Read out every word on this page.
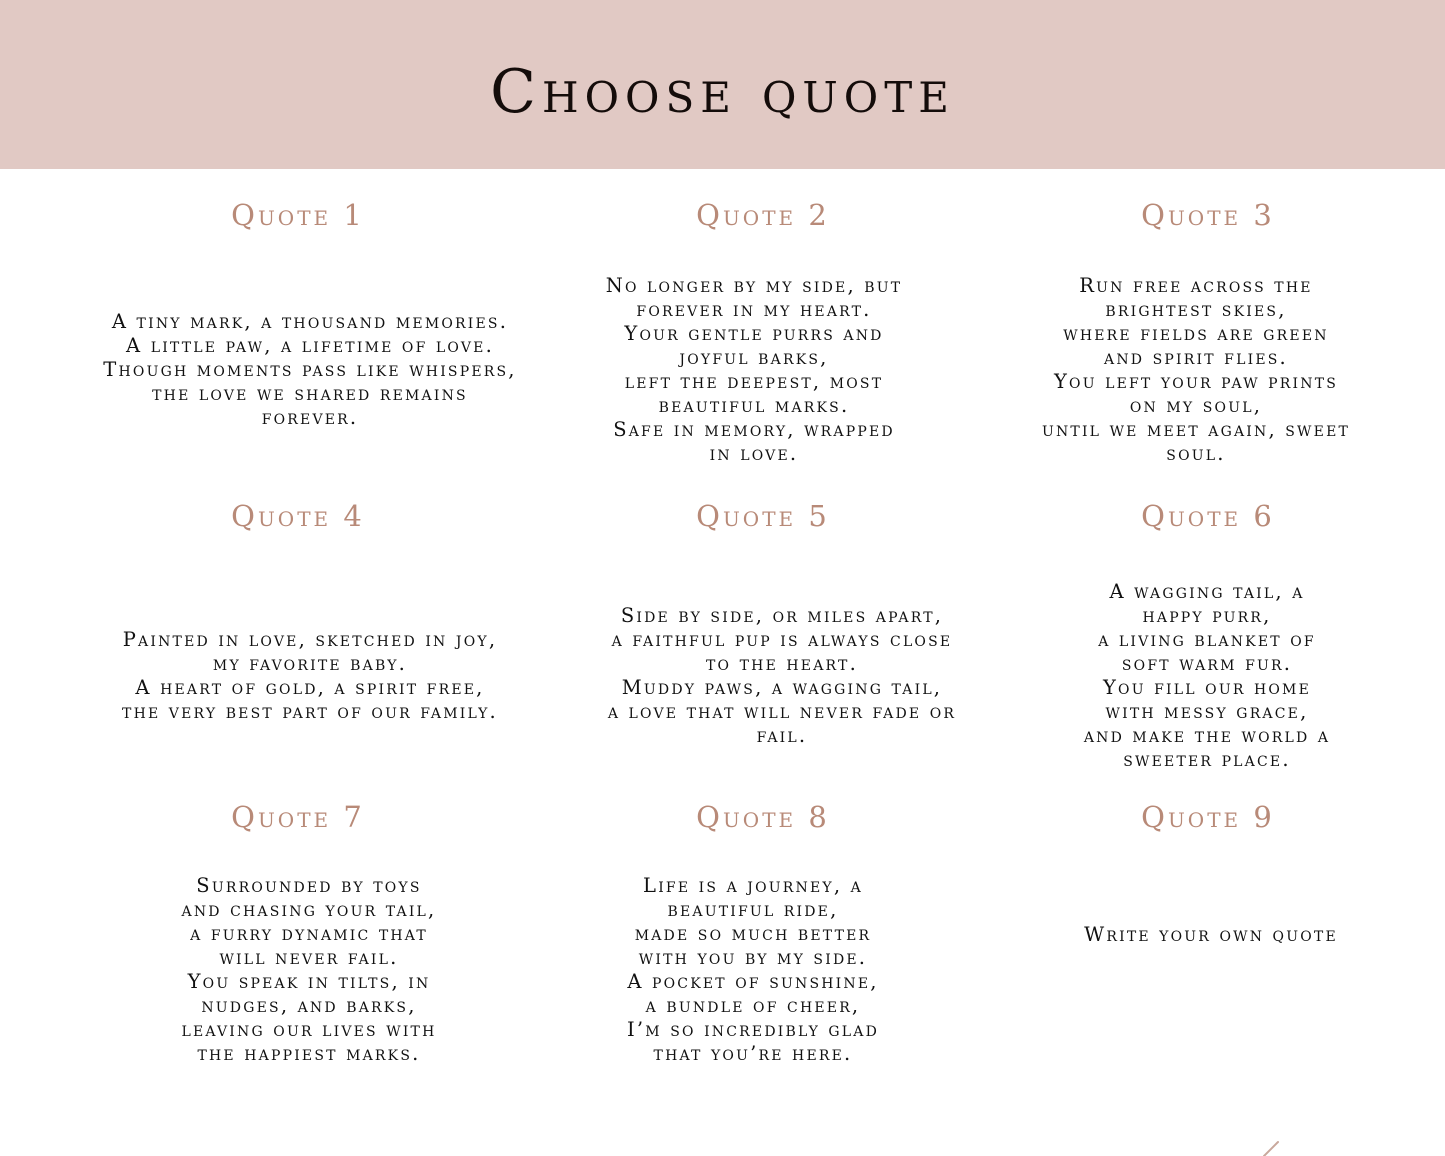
Choose quote
Quote 1
A tiny mark, a thousand memories.
A little paw, a lifetime of love.
Though moments pass like whispers,
the love we shared remains
forever.
Quote 2
No longer by my side, but
forever in my heart.
Your gentle purrs and
joyful barks,
left the deepest, most
beautiful marks.
Safe in memory, wrapped
in love.
Quote 3
Run free across the
brightest skies,
where fields are green
and spirit flies.
You left your paw prints
on my soul,
until we meet again, sweet
soul.
Quote 4
Painted in love, sketched in joy,
my favorite baby.
A heart of gold, a spirit free,
the very best part of our family.
Quote 5
Side by side, or miles apart,
a faithful pup is always close
to the heart.
Muddy paws, a wagging tail,
a love that will never fade or
fail.
Quote 6
A wagging tail, a
happy purr,
a living blanket of
soft warm fur.
You fill our home
with messy grace,
and make the world a
sweeter place.
Quote 7
Surrounded by toys
and chasing your tail,
a furry dynamic that
will never fail.
You speak in tilts, in
nudges, and barks,
leaving our lives with
the happiest marks.
Quote 8
Life is a journey, a
beautiful ride,
made so much better
with you by my side.
A pocket of sunshine,
a bundle of cheer,
I’m so incredibly glad
that you’re here.
Quote 9
Write your own quote
